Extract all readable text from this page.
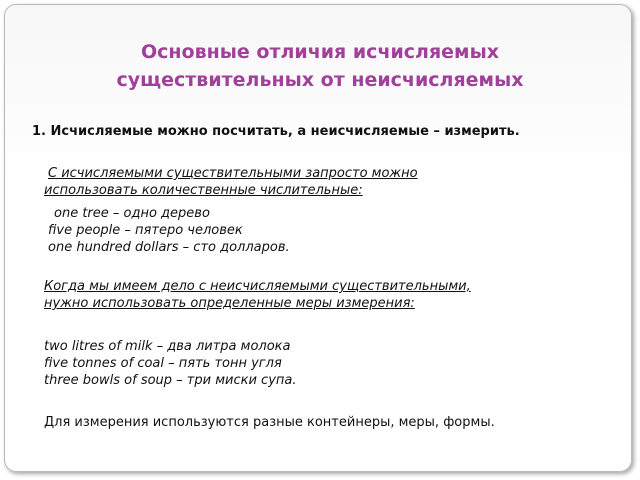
Основные отличия исчисляемых
существительных от неисчисляемых
1. Исчисляемые можно посчитать, а неисчисляемые – измерить.
С исчисляемыми существительными запросто можно
использовать количественные числительные:
one tree – одно дерево
five people – пятеро человек
one hundred dollars – сто долларов.
Когда мы имеем дело с неисчисляемыми существительными,
нужно использовать определенные меры измерения:
two litres of milk – два литра молока
five tonnes of coal – пять тонн угля
three bowls of soup – три миски супа.
Для измерения используются разные контейнеры, меры, формы.
